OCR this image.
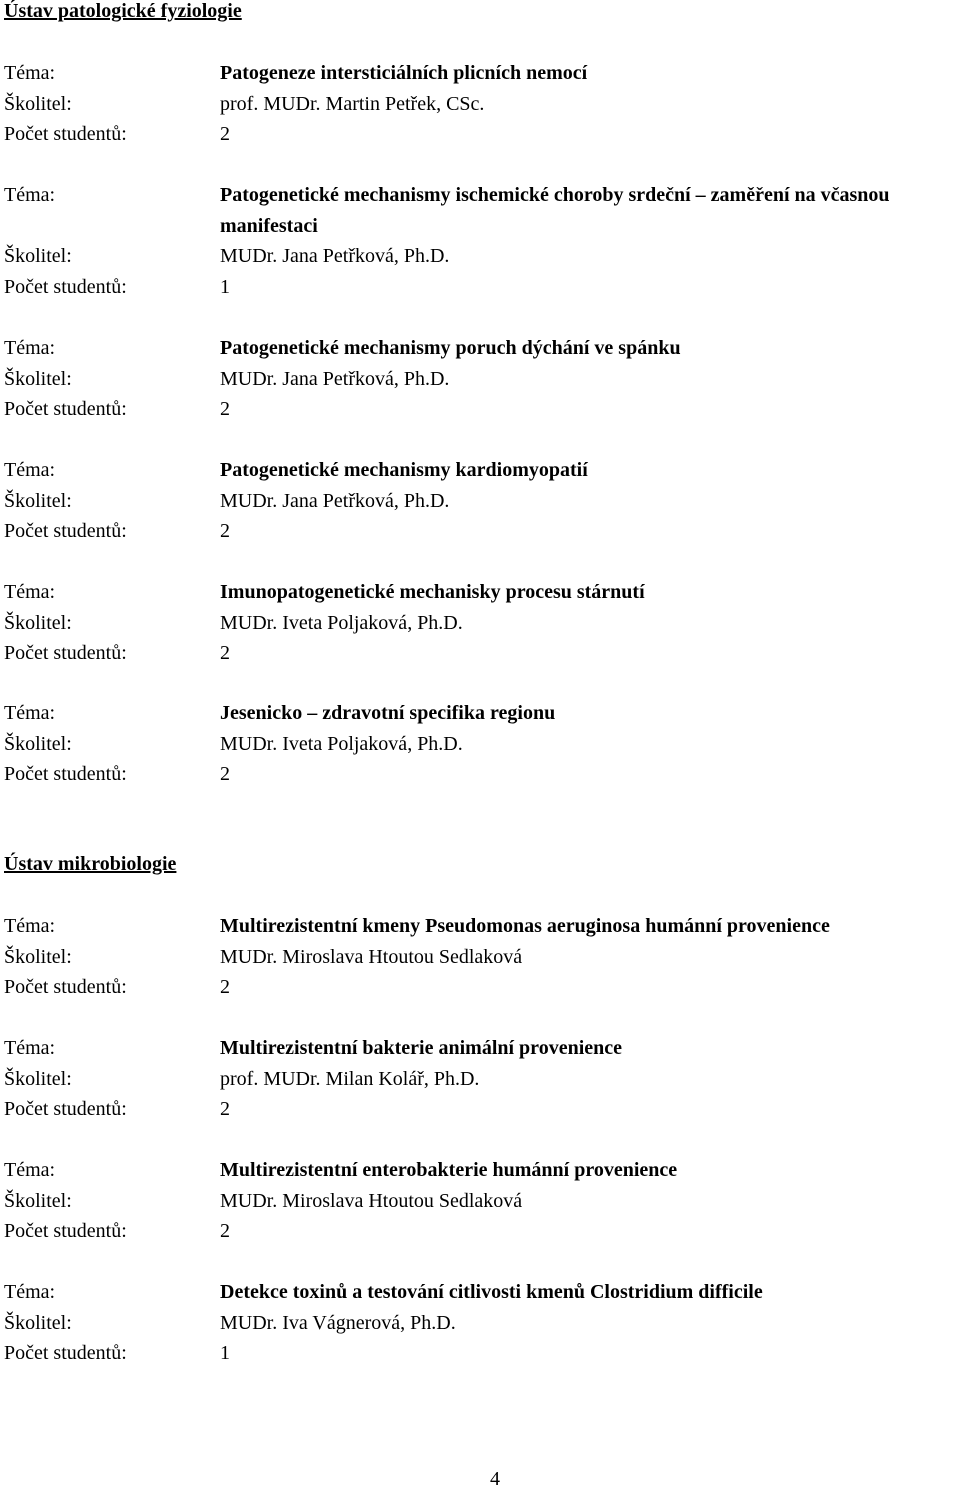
Ústav patologické fyziologie
Téma:	Patogeneze intersticiálních plicních nemocí
Školitel:	prof. MUDr. Martin Petřek, CSc.
Počet studentů:	2
Téma:	Patogenetické mechanismy ischemické choroby srdeční – zaměření na včasnou manifestaci
Školitel:	MUDr. Jana Petřková, Ph.D.
Počet studentů:	1
Téma:	Patogenetické mechanismy poruch dýchání ve spánku
Školitel:	MUDr. Jana Petřková, Ph.D.
Počet studentů:	2
Téma:	Patogenetické mechanismy kardiomyopatií
Školitel:	MUDr. Jana Petřková, Ph.D.
Počet studentů:	2
Téma:	Imunopatogenetické mechanisky procesu stárnutí
Školitel:	MUDr. Iveta Poljaková, Ph.D.
Počet studentů:	2
Téma:	Jesenicko – zdravotní specifika regionu
Školitel:	MUDr. Iveta Poljaková, Ph.D.
Počet studentů:	2
Ústav mikrobiologie
Téma:	Multirezistentní kmeny Pseudomonas aeruginosa humánní provenience
Školitel:	MUDr. Miroslava Htoutou Sedlaková
Počet studentů:	2
Téma:	Multirezistentní bakterie animální provenience
Školitel:	prof. MUDr. Milan Kolář, Ph.D.
Počet studentů:	2
Téma:	Multirezistentní enterobakterie humánní provenience
Školitel:	MUDr. Miroslava Htoutou Sedlaková
Počet studentů:	2
Téma:	Detekce toxinů a testování citlivosti kmenů Clostridium difficile
Školitel:	MUDr. Iva Vágnerová, Ph.D.
Počet studentů:	1
4
